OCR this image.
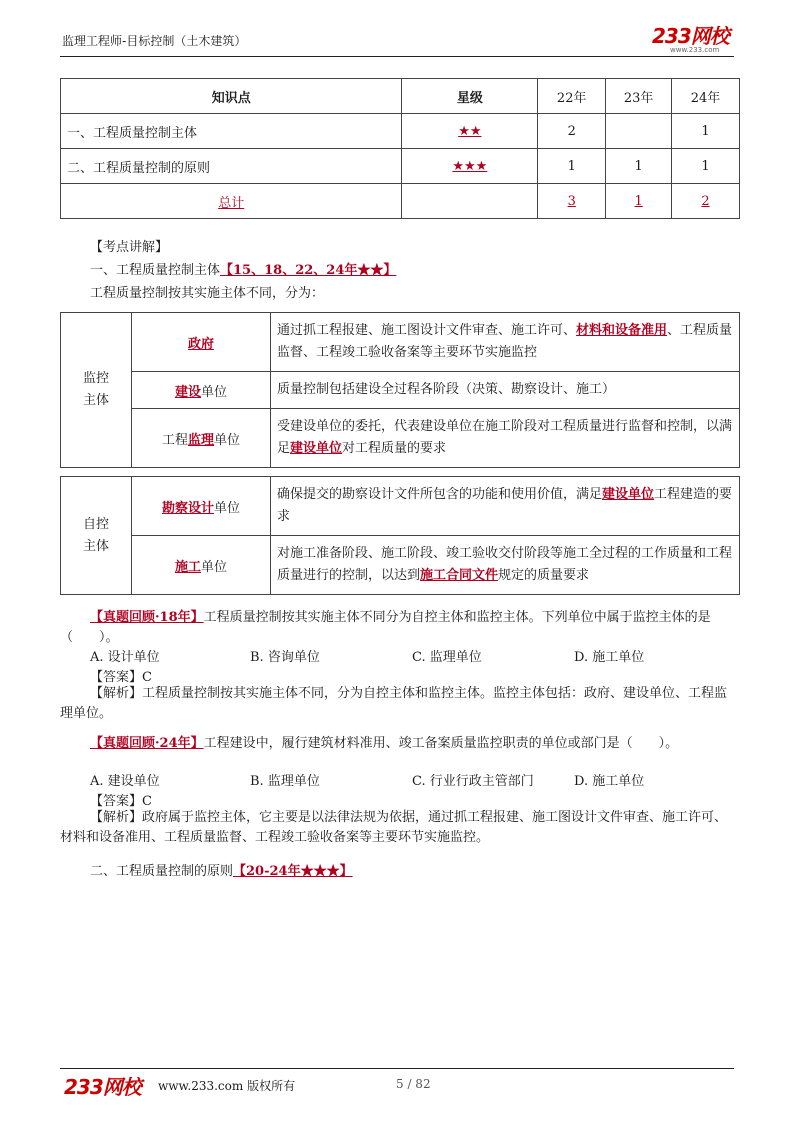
监理工程师-目标控制（土木建筑）	233网校
www.233.com
知识点	星级	22年	23年	24年
一、工程质量控制主体	★★	2		1
二、工程质量控制的原则	★★★	1	1	1
总计		3	1	2
【考点讲解】
一、工程质量控制主体【15、18、22、24年★★】
工程质量控制按其实施主体不同，分为：
监控
主体	政府	通过抓工程报建、施工图设计文件审查、施工许可、材料和设备准用、工程质量监督、工程竣工验收备案等主要环节实施监控
	建设单位	质量控制包括建设全过程各阶段（决策、勘察设计、施工）
	工程监理单位	受建设单位的委托，代表建设单位在施工阶段对工程质量进行监督和控制，以满足建设单位对工程质量的要求
自控
主体	勘察设计单位	确保提交的勘察设计文件所包含的功能和使用价值，满足建设单位工程建造的要求
	施工单位	对施工准备阶段、施工阶段、竣工验收交付阶段等施工全过程的工作质量和工程质量进行的控制，以达到施工合同文件规定的质量要求
【真题回顾·18年】工程质量控制按其实施主体不同分为自控主体和监控主体。下列单位中属于监控主体的是（　　）。
A. 设计单位	B. 咨询单位	C. 监理单位	D. 施工单位
【答案】C
【解析】工程质量控制按其实施主体不同，分为自控主体和监控主体。监控主体包括：政府、建设单位、工程监理单位。
【真题回顾·24年】工程建设中，履行建筑材料准用、竣工备案质量监控职责的单位或部门是（　　）。
A. 建设单位	B. 监理单位	C. 行业行政主管部门	D. 施工单位
【答案】C
【解析】政府属于监控主体，它主要是以法律法规为依据，通过抓工程报建、施工图设计文件审查、施工许可、材料和设备准用、工程质量监督、工程竣工验收备案等主要环节实施监控。
二、工程质量控制的原则【20-24年★★★】
233网校 www.233.com 版权所有	5 / 82
